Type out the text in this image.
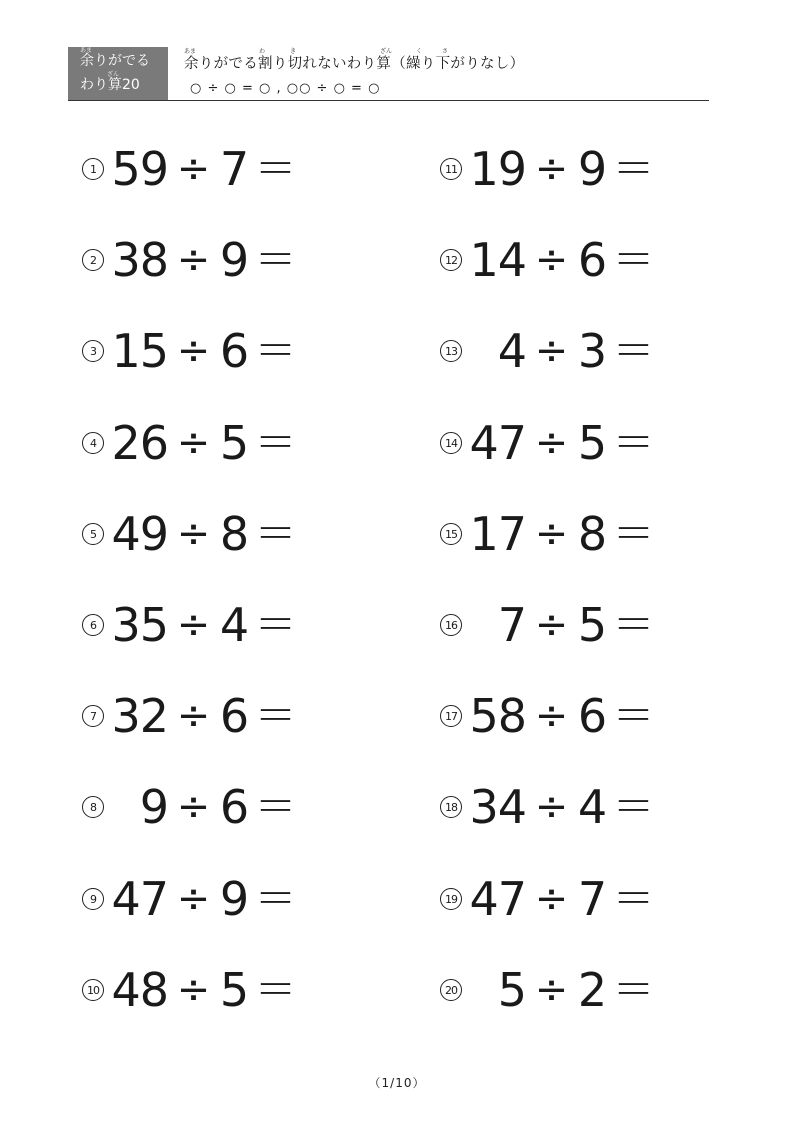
あま
余りがでる
ざん
わり算20
あま	わ	き	ざん	く	さ
余りがでる割り切れないわり算（繰り下がりなし）
○ ÷ ○ = ○ , ○○ ÷ ○ = ○
1 59 ÷ 7 ＝
2 38 ÷ 9 ＝
3 15 ÷ 6 ＝
4 26 ÷ 5 ＝
5 49 ÷ 8 ＝
6 35 ÷ 4 ＝
7 32 ÷ 6 ＝
8 9 ÷ 6 ＝
9 47 ÷ 9 ＝
10 48 ÷ 5 ＝
11 19 ÷ 9 ＝
12 14 ÷ 6 ＝
13 4 ÷ 3 ＝
14 47 ÷ 5 ＝
15 17 ÷ 8 ＝
16 7 ÷ 5 ＝
17 58 ÷ 6 ＝
18 34 ÷ 4 ＝
19 47 ÷ 7 ＝
20 5 ÷ 2 ＝
（1/10）
